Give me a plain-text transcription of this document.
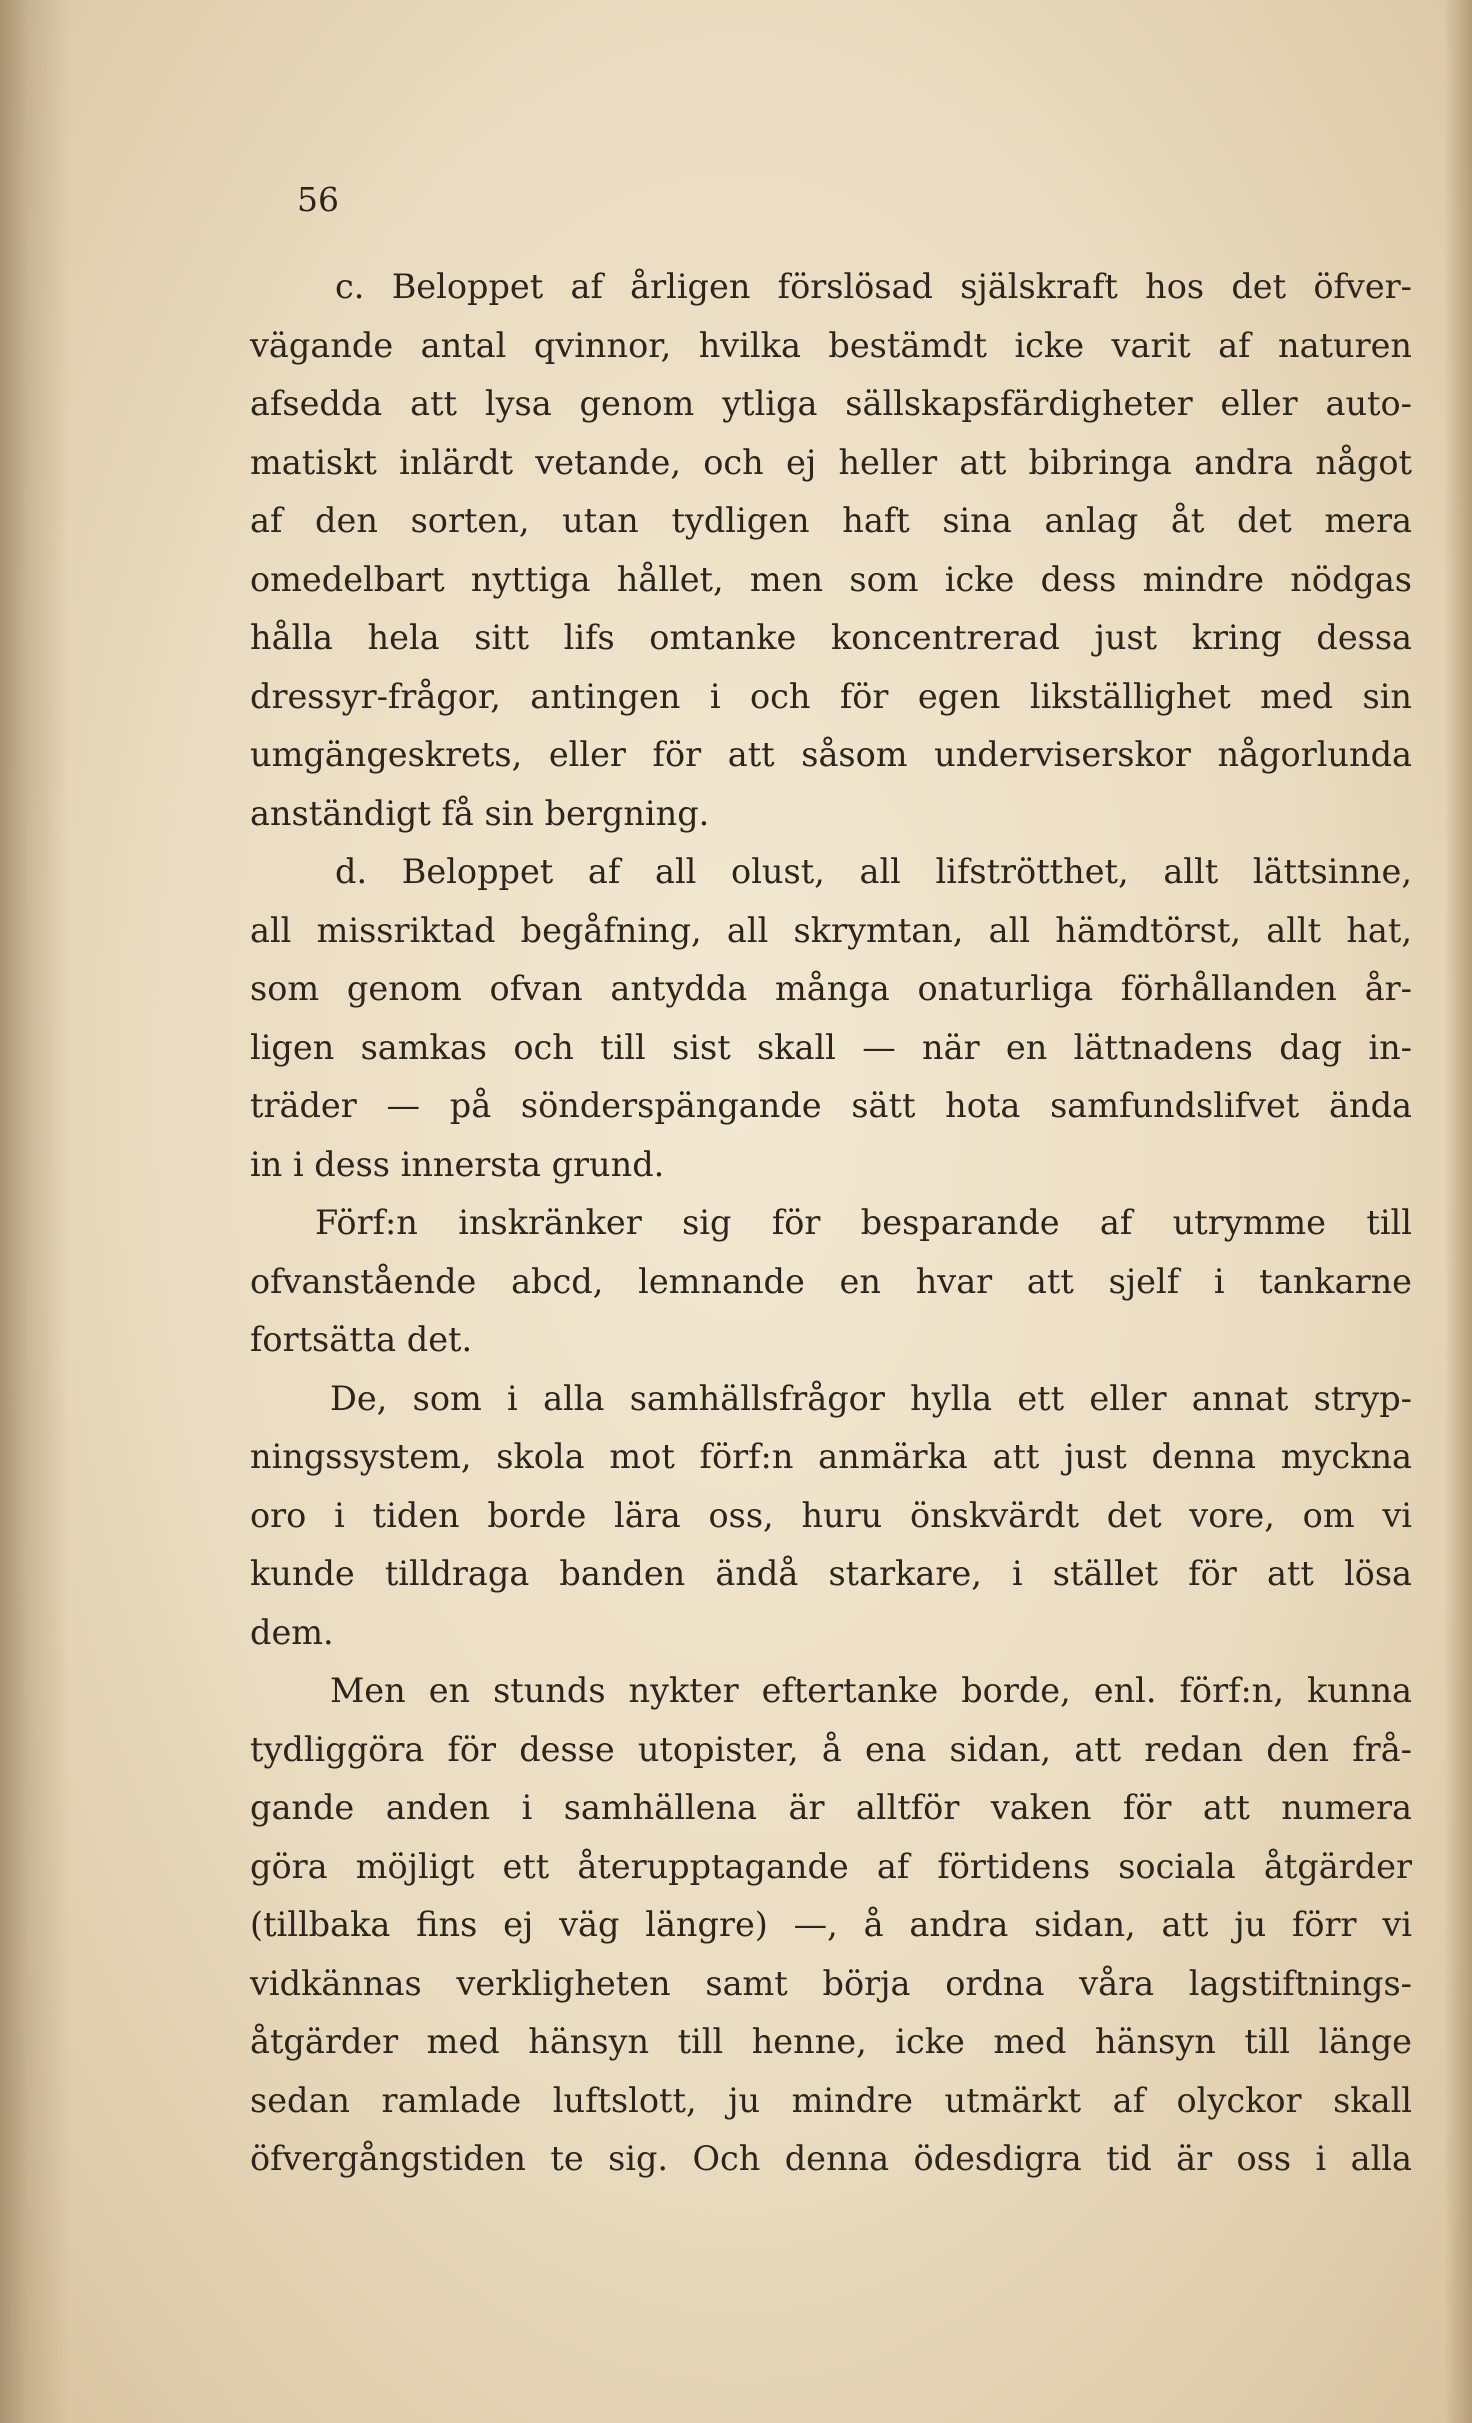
56
c. Beloppet af årligen förslösad själskraft hos det öfver-
vägande antal qvinnor, hvilka bestämdt icke varit af naturen
afsedda att lysa genom ytliga sällskapsfärdigheter eller auto-
matiskt inlärdt vetande, och ej heller att bibringa andra något
af den sorten, utan tydligen haft sina anlag åt det mera
omedelbart nyttiga hållet, men som icke dess mindre nödgas
hålla hela sitt lifs omtanke koncentrerad just kring dessa
dressyr-frågor, antingen i och för egen likställighet med sin
umgängeskrets, eller för att såsom underviserskor någorlunda
anständigt få sin bergning.
d. Beloppet af all olust, all lifströtthet, allt lättsinne,
all missriktad begåfning, all skrymtan, all hämdtörst, allt hat,
som genom ofvan antydda många onaturliga förhållanden år-
ligen samkas och till sist skall — när en lättnadens dag in-
träder — på sönderspängande sätt hota samfundslifvet ända
in i dess innersta grund.
Förf:n inskränker sig för besparande af utrymme till
ofvanstående abcd, lemnande en hvar att sjelf i tankarne
fortsätta det.
De, som i alla samhällsfrågor hylla ett eller annat stryp-
ningssystem, skola mot förf:n anmärka att just denna myckna
oro i tiden borde lära oss, huru önskvärdt det vore, om vi
kunde tilldraga banden ändå starkare, i stället för att lösa
dem.
Men en stunds nykter eftertanke borde, enl. förf:n, kunna
tydliggöra för desse utopister, å ena sidan, att redan den frå-
gande anden i samhällena är alltför vaken för att numera
göra möjligt ett återupptagande af förtidens sociala åtgärder
(tillbaka fins ej väg längre) —, å andra sidan, att ju förr vi
vidkännas verkligheten samt börja ordna våra lagstiftnings-
åtgärder med hänsyn till henne, icke med hänsyn till länge
sedan ramlade luftslott, ju mindre utmärkt af olyckor skall
öfvergångstiden te sig. Och denna ödesdigra tid är oss i alla
